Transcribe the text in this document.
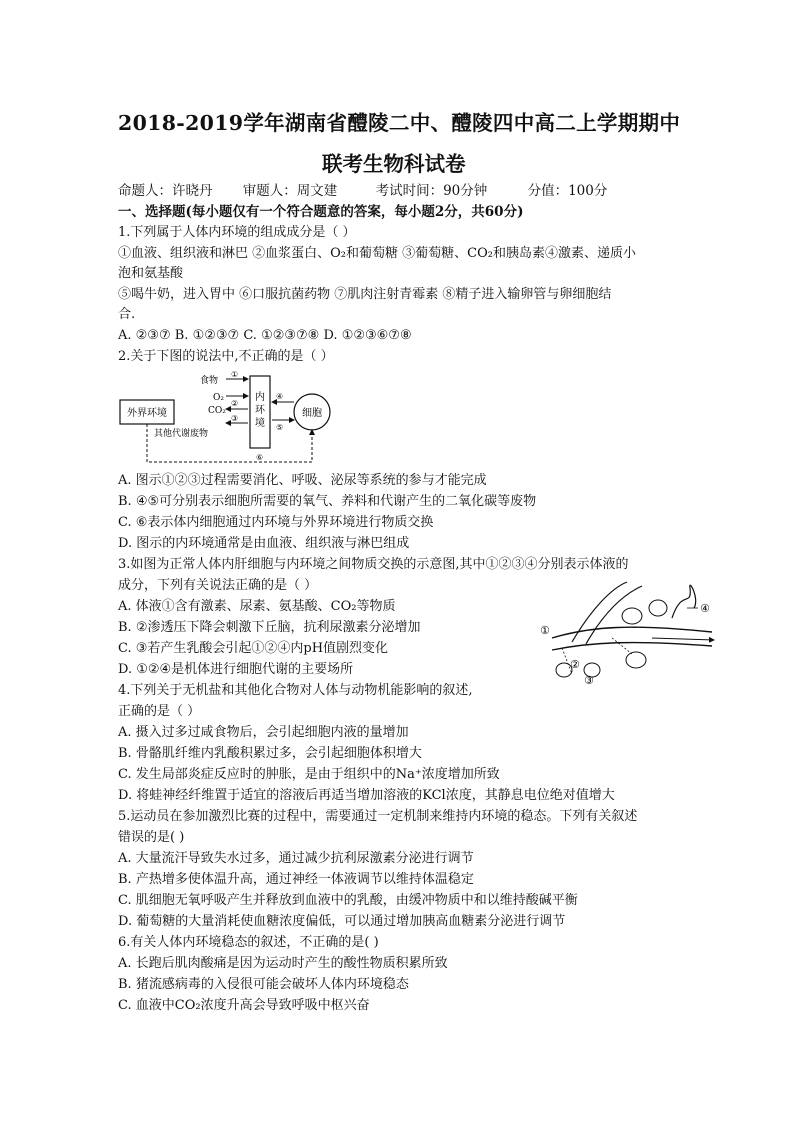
2018-2019学年湖南省醴陵二中、醴陵四中高二上学期期中
联考生物科试卷
命题人：许晓丹 审题人：周文建	考试时间：90分钟	分值：100分
一、选择题(每小题仅有一个符合题意的答案，每小题2分，共60分)
1.下列属于人体内环境的组成成分是（ ）
①血液、组织液和淋巴 ②血浆蛋白、O₂和葡萄糖 ③葡萄糖、CO₂和胰岛素④激素、递质小
泡和氨基酸
⑤喝牛奶，进入胃中 ⑥口服抗菌药物 ⑦肌肉注射青霉素 ⑧精子进入输卵管与卵细胞结
合.
A. ②③⑦ B. ①②③⑦ C. ①②③⑦⑧ D. ①②③⑥⑦⑧
2.关于下图的说法中,不正确的是（ ）
外界环境
内环境
细胞
食物
O₂
CO₂
其他代谢废物
①
②
③
④
⑤
⑥
A. 图示①②③过程需要消化、呼吸、泌尿等系统的参与才能完成
B. ④⑤可分别表示细胞所需要的氧气、养料和代谢产生的二氧化碳等废物
C. ⑥表示体内细胞通过内环境与外界环境进行物质交换
D. 图示的内环境通常是由血液、组织液与淋巴组成
3.如图为正常人体内肝细胞与内环境之间物质交换的示意图,其中①②③④分别表示体液的
成分，下列有关说法正确的是（ ）
A. 体液①含有激素、尿素、氨基酸、CO₂等物质
B. ②渗透压下降会刺激下丘脑，抗利尿激素分泌增加
C. ③若产生乳酸会引起①②④内pH值剧烈变化
D. ①②④是机体进行细胞代谢的主要场所
①
②
③
④
4.下列关于无机盐和其他化合物对人体与动物机能影响的叙述,
正确的是（ ）
A. 摄入过多过咸食物后，会引起细胞内液的量增加
B. 骨骼肌纤维内乳酸积累过多，会引起细胞体积增大
C. 发生局部炎症反应时的肿胀，是由于组织中的Na⁺浓度增加所致
D. 将蛙神经纤维置于适宜的溶液后再适当增加溶液的KCl浓度，其静息电位绝对值增大
5.运动员在参加激烈比赛的过程中，需要通过一定机制来维持内环境的稳态。下列有关叙述
错误的是( )
A. 大量流汗导致失水过多，通过减少抗利尿激素分泌进行调节
B. 产热增多使体温升高，通过神经一体液调节以维持体温稳定
C. 肌细胞无氧呼吸产生并释放到血液中的乳酸，由缓冲物质中和以维持酸碱平衡
D. 葡萄糖的大量消耗使血糖浓度偏低，可以通过增加胰高血糖素分泌进行调节
6.有关人体内环境稳态的叙述，不正确的是( )
A. 长跑后肌肉酸痛是因为运动时产生的酸性物质积累所致
B. 猪流感病毒的入侵很可能会破坏人体内环境稳态
C. 血液中CO₂浓度升高会导致呼吸中枢兴奋
